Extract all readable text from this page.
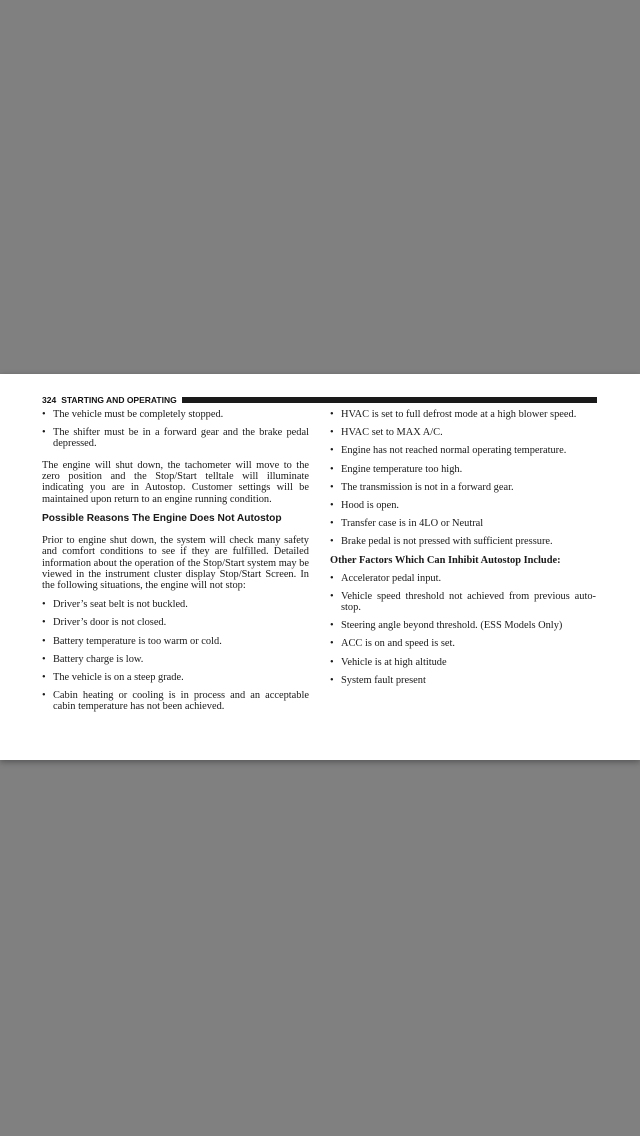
324 STARTING AND OPERATING
• The vehicle must be completely stopped.
• The shifter must be in a forward gear and the brake pedal depressed.

The engine will shut down, the tachometer will move to the zero position and the Stop/Start telltale will illuminate indicating you are in Autostop. Customer settings will be maintained upon return to an engine running condition.

Possible Reasons The Engine Does Not Autostop

Prior to engine shut down, the system will check many safety and comfort conditions to see if they are fulfilled. Detailed information about the operation of the Stop/Start system may be viewed in the instrument cluster display Stop/Start Screen. In the following situations, the engine will not stop:

• Driver’s seat belt is not buckled.
• Driver’s door is not closed.
• Battery temperature is too warm or cold.
• Battery charge is low.
• The vehicle is on a steep grade.
• Cabin heating or cooling is in process and an acceptable cabin temperature has not been achieved.
• HVAC is set to full defrost mode at a high blower speed.
• HVAC set to MAX A/C.
• Engine has not reached normal operating temperature.
• Engine temperature too high.
• The transmission is not in a forward gear.
• Hood is open.
• Transfer case is in 4LO or Neutral
• Brake pedal is not pressed with sufficient pressure.
Other Factors Which Can Inhibit Autostop Include:
• Accelerator pedal input.
• Vehicle speed threshold not achieved from previous auto-stop.
• Steering angle beyond threshold. (ESS Models Only)
• ACC is on and speed is set.
• Vehicle is at high altitude
• System fault present
